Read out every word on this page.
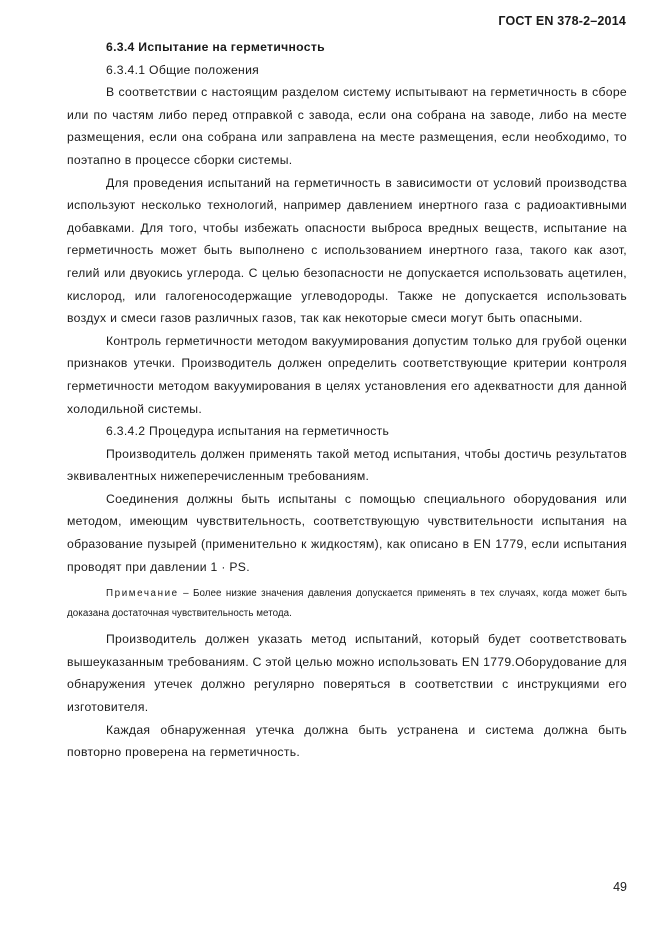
ГОСТ EN 378-2–2014

6.3.4 Испытание на герметичность

6.3.4.1 Общие положения

В соответствии с настоящим разделом систему испытывают на герметичность в сборе или по частям либо перед отправкой с завода, если она собрана на заводе, либо на месте размещения, если она собрана или заправлена на месте размещения, если необходимо, то поэтапно в процессе сборки системы.

Для проведения испытаний на герметичность в зависимости от условий производства используют несколько технологий, например давлением инертного газа с радиоактивными добавками. Для того, чтобы избежать опасности выброса вредных веществ, испытание на герметичность может быть выполнено с использованием инертного газа, такого как азот, гелий или двуокись углерода. С целью безопасности не допускается использовать ацетилен, кислород, или галогеносодержащие углеводороды. Также не допускается использовать воздух и смеси газов различных газов, так как некоторые смеси могут быть опасными.

Контроль герметичности методом вакуумирования допустим только для грубой оценки признаков утечки. Производитель должен определить соответствующие критерии контроля герметичности методом вакуумирования в целях установления его адекватности для данной холодильной системы.

6.3.4.2 Процедура испытания на герметичность

Производитель должен применять такой метод испытания, чтобы достичь результатов эквивалентных нижеперечисленным требованиям.

Соединения должны быть испытаны с помощью специального оборудования или методом, имеющим чувствительность, соответствующую чувствительности испытания на образование пузырей (применительно к жидкостям), как описано в EN 1779, если испытания проводят при давлении 1 · PS.

Примечание – Более низкие значения давления допускается применять в тех случаях, когда может быть доказана достаточная чувствительность метода.

Производитель должен указать метод испытаний, который будет соответствовать вышеуказанным требованиям. С этой целью можно использовать EN 1779.Оборудование для обнаружения утечек должно регулярно поверяться в соответствии с инструкциями его изготовителя.

Каждая обнаруженная утечка должна быть устранена и система должна быть повторно проверена на герметичность.

49
